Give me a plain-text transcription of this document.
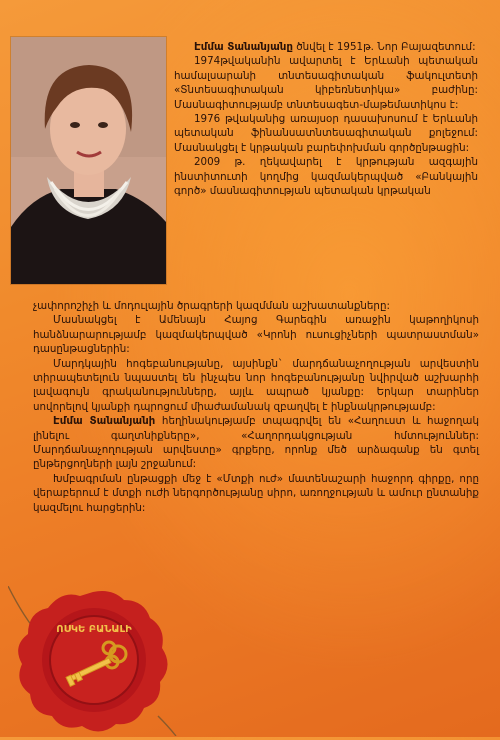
Էմմա Տանանյանը ծնվել է 1951թ. Նոր Բայազետում:

1974թվականին ավարտել է Երևանի պետական համալսարանի տնտեսագիտական ֆակուլտետի «Տնտեսագիտական կիբեռնետիկա» բաժինը: Մասնագիտությամբ տնտեսագետ-մաթեմատիկոս է:

1976 թվականից առայսօր դասախոսում է Երևանի պետական ֆինանսատնտեսագիտական քոլեջում: Մասնակցել է կրթական բարեփոխման գործընթացին:

2009 թ. ղեկավարել է կրթության ազգային ինստիտուտի կողմից կազմակերպված «Բանկային գործ» մասնագիտության պետական կրթական

չափորոշիչի և մոդուլային ծրագրերի կազմման աշխատանքները:

Մասնակցել է Ամենայն Հայոց Գարեգին առաջին կաթողիկոսի հանձնարարությամբ կազմակերպված «Կրոնի ուսուցիչների պատրաստման» դասընթացներին:

Մարդկային հոգեբանությանը, այսինքն` մարդճանաչողության արվեստին տիրապետելուն նպաստել են ինչպես նոր հոգեբանությանը նվիրված աշխարհի լավագույն գրականությունները, այլև ապրած կյանքը: Երկար տարիներ սովորելով կյանքի դպրոցում միաժամանակ զբաղվել է ինքնակրթությամբ:

Էմմա Տանանյանի հեղինակությամբ տպագրվել են «Հաղուստ և հաջողակ լինելու գաղտնիքները», «Հաղորդակցության հմտություններ: Մարդճանաչողության արվեստը» գրքերը, որոնք մեծ արձագանք են գտել ընթերցողների լայն շրջանում:

Խմբագրման ընթացքի մեջ է «Մտքի ուժ» մատենաշարի հաջորդ գիրքը, որը վերաբերում է մտքի ուժի ներգործությանը սիրո, առողջության և ամուր ընտանիք կազմելու հարցերին:

ՈՍԿԵ ԲԱՆԱԼԻ
